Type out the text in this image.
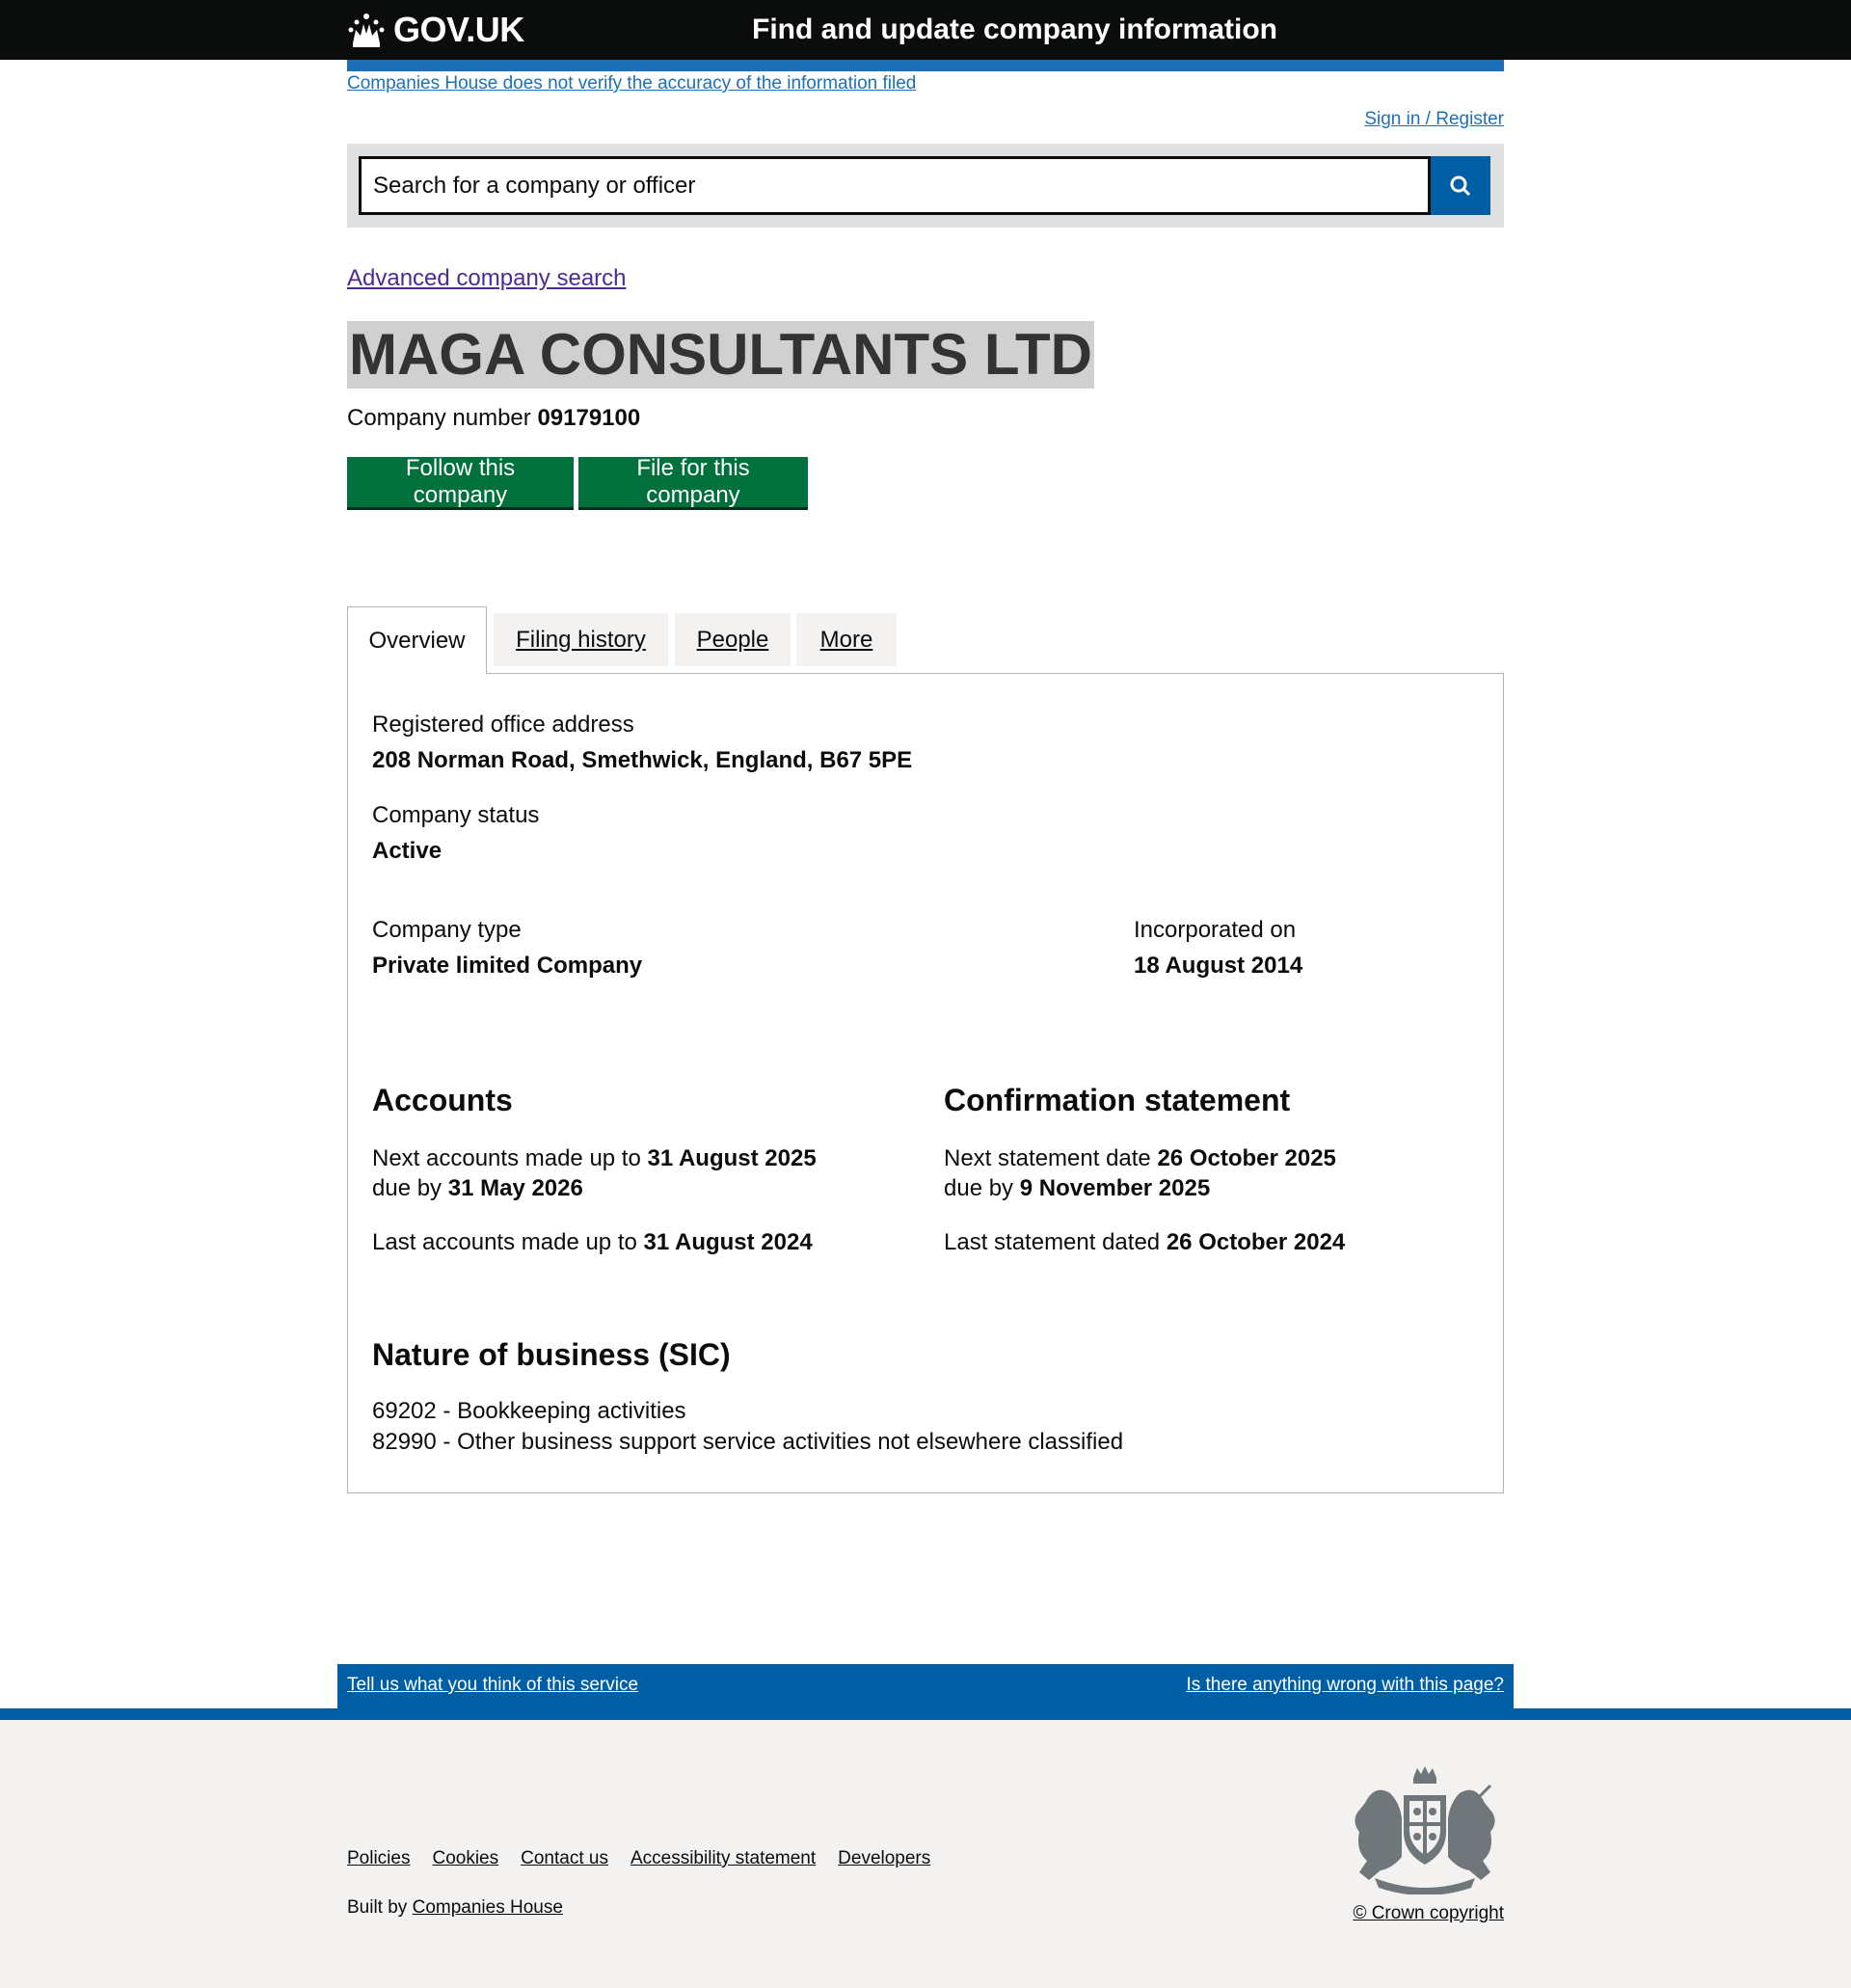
GOV.UK	Find and update company information
Companies House does not verify the accuracy of the information filed
Sign in / Register
Search for a company or officer
Advanced company search
MAGA CONSULTANTS LTD

Company number 09179100

Follow this company
File for this company
Overview	Filing history	People	More
Registered office address
208 Norman Road, Smethwick, England, B67 5PE
Company status
Active
Company type
Private limited Company
Incorporated on
18 August 2014
Accounts
Next accounts made up to 31 August 2025
due by 31 May 2026
Last accounts made up to 31 August 2024
Confirmation statement
Next statement date 26 October 2025
due by 9 November 2025
Last statement dated 26 October 2024
Nature of business (SIC)
69202 - Bookkeeping activities
82990 - Other business support service activities not elsewhere classified
Tell us what you think of this service	Is there anything wrong with this page?
Policies Cookies Contact us Accessibility statement Developers
Built by Companies House	© Crown copyright
